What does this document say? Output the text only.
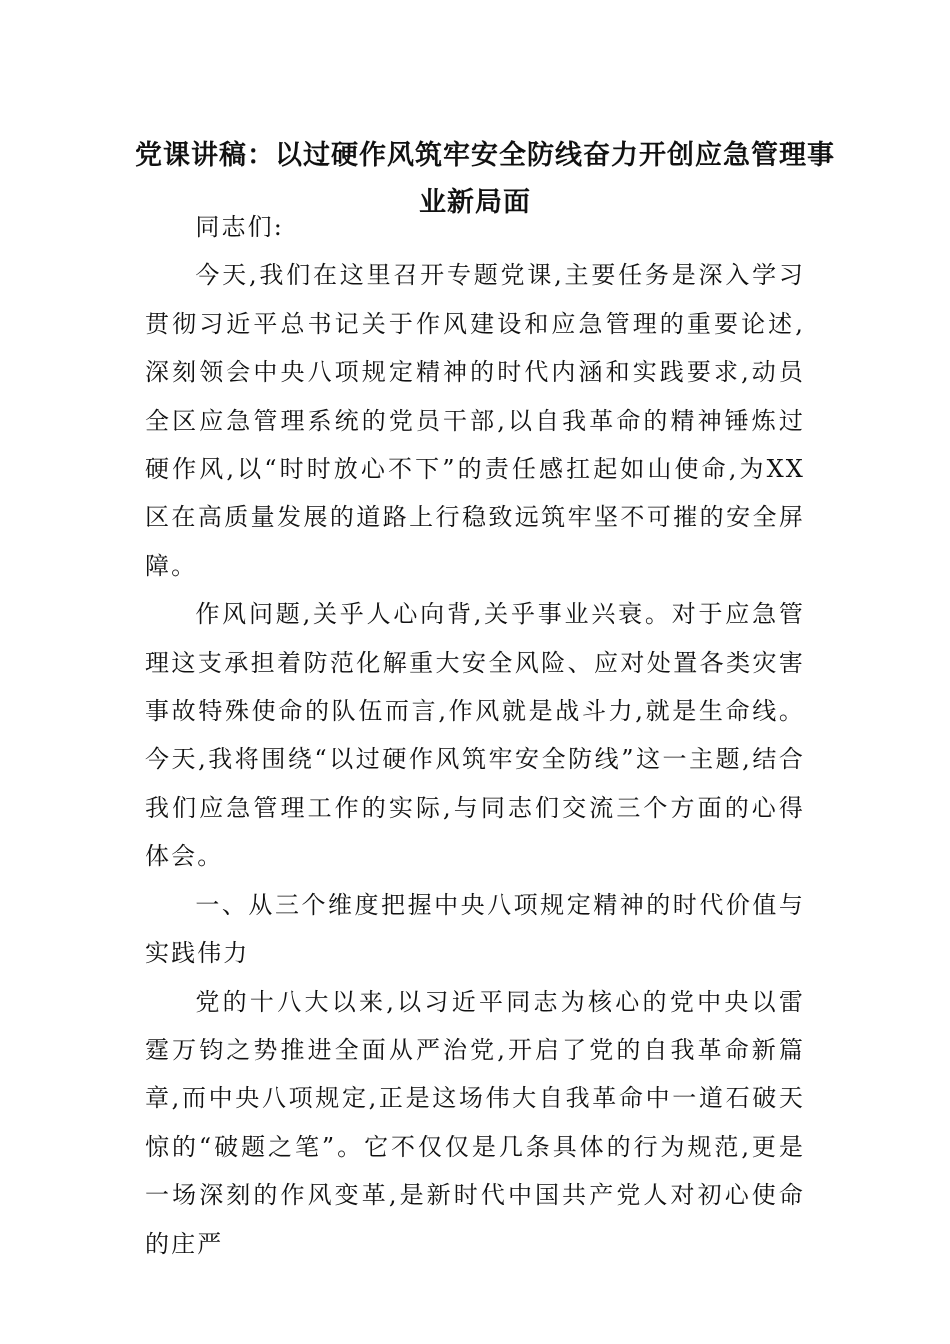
党课讲稿：以过硬作风筑牢安全防线奋力开创应急管理事
业新局面

同志们:

今天,我们在这里召开专题党课,主要任务是深入学习贯彻习近平总书记关于作风建设和应急管理的重要论述,深刻领会中央八项规定精神的时代内涵和实践要求,动员全区应急管理系统的党员干部,以自我革命的精神锤炼过硬作风,以“时时放心不下”的责任感扛起如山使命,为XX区在高质量发展的道路上行稳致远筑牢坚不可摧的安全屏障。

作风问题,关乎人心向背,关乎事业兴衰。对于应急管理这支承担着防范化解重大安全风险、应对处置各类灾害事故特殊使命的队伍而言,作风就是战斗力,就是生命线。今天,我将围绕“以过硬作风筑牢安全防线”这一主题,结合我们应急管理工作的实际,与同志们交流三个方面的心得体会。

一、从三个维度把握中央八项规定精神的时代价值与实践伟力

党的十八大以来,以习近平同志为核心的党中央以雷霆万钧之势推进全面从严治党,开启了党的自我革命新篇章,而中央八项规定,正是这场伟大自我革命中一道石破天惊的“破题之笔”。它不仅仅是几条具体的行为规范,更是一场深刻的作风变革,是新时代中国共产党人对初心使命的庄严
